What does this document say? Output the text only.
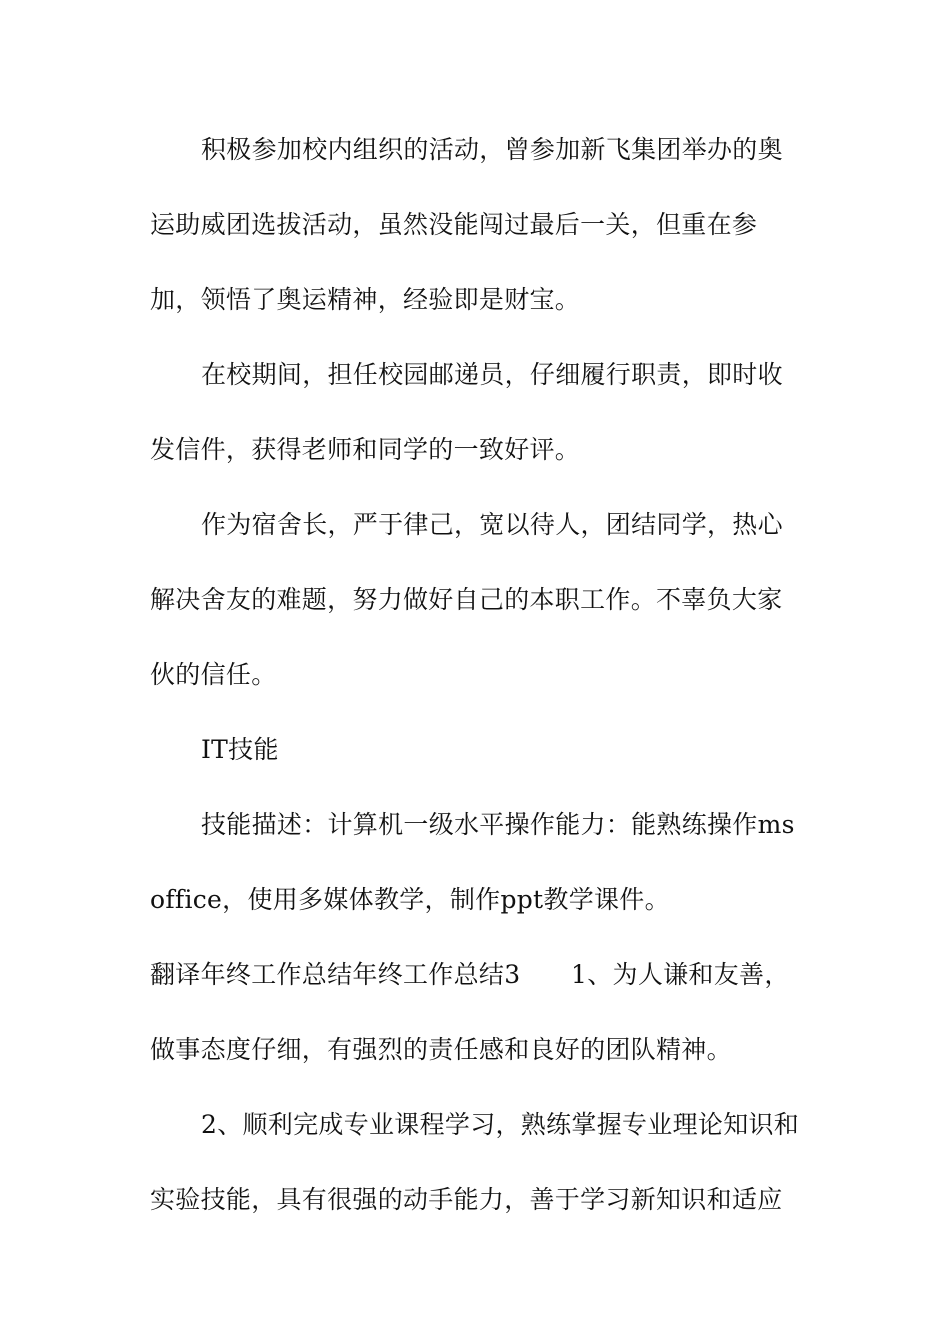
积极参加校内组织的活动，曾参加新飞集团举办的奥
运助威团选拔活动，虽然没能闯过最后一关，但重在参
加，领悟了奥运精神，经验即是财宝。
在校期间，担任校园邮递员，仔细履行职责，即时收
发信件，获得老师和同学的一致好评。
作为宿舍长，严于律己，宽以待人，团结同学，热心
解决舍友的难题，努力做好自己的本职工作。不辜负大家
伙的信任。
IT技能
技能描述：计算机一级水平操作能力：能熟练操作ms
office，使用多媒体教学，制作ppt教学课件。
翻译年终工作总结年终工作总结3　　1、为人谦和友善，
做事态度仔细，有强烈的责任感和良好的团队精神。
2、顺利完成专业课程学习，熟练掌握专业理论知识和
实验技能，具有很强的动手能力，善于学习新知识和适应
